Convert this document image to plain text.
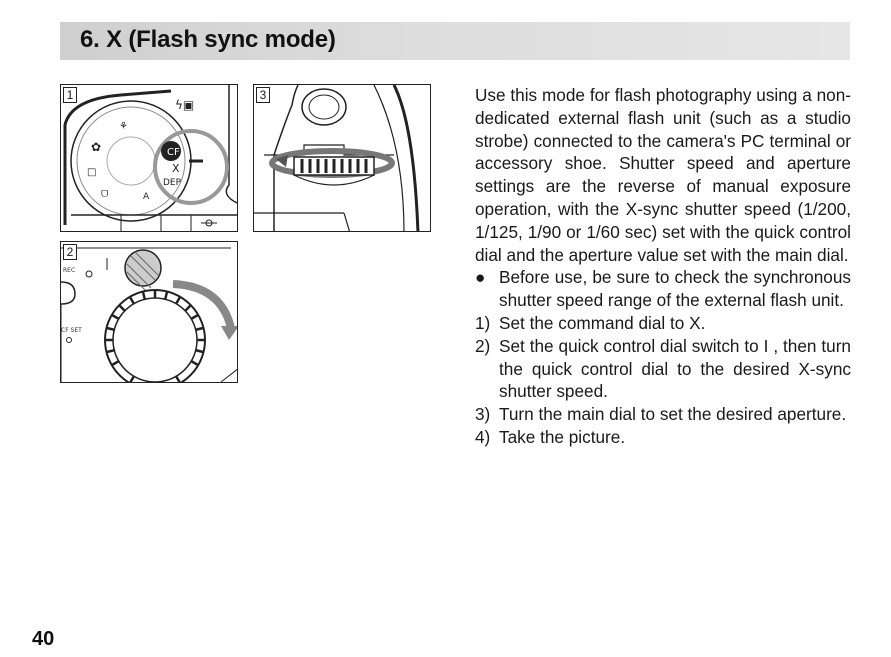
6. X (Flash sync mode)
CF
X
DEP
A
✿
□
ᗜ
⚘
ϟ▣
1	3
REC
CF SET
2

Use this mode for flash photography using a non-dedicated external flash unit (such as a studio strobe) connected to the camera's PC terminal or accessory shoe. Shutter speed and aperture settings are the reverse of manual exposure operation, with the X-sync shutter speed (1/200, 1/125, 1/90 or 1/60 sec) set with the quick control dial and the aperture value set with the main dial.

● Before use, be sure to check the synchronous shutter speed range of the external flash unit.
1) Set the command dial to X.
2) Set the quick control dial switch to I , then turn the quick control dial to the desired X-sync shutter speed.
3) Turn the main dial to set the desired aperture.
4) Take the picture.
40
